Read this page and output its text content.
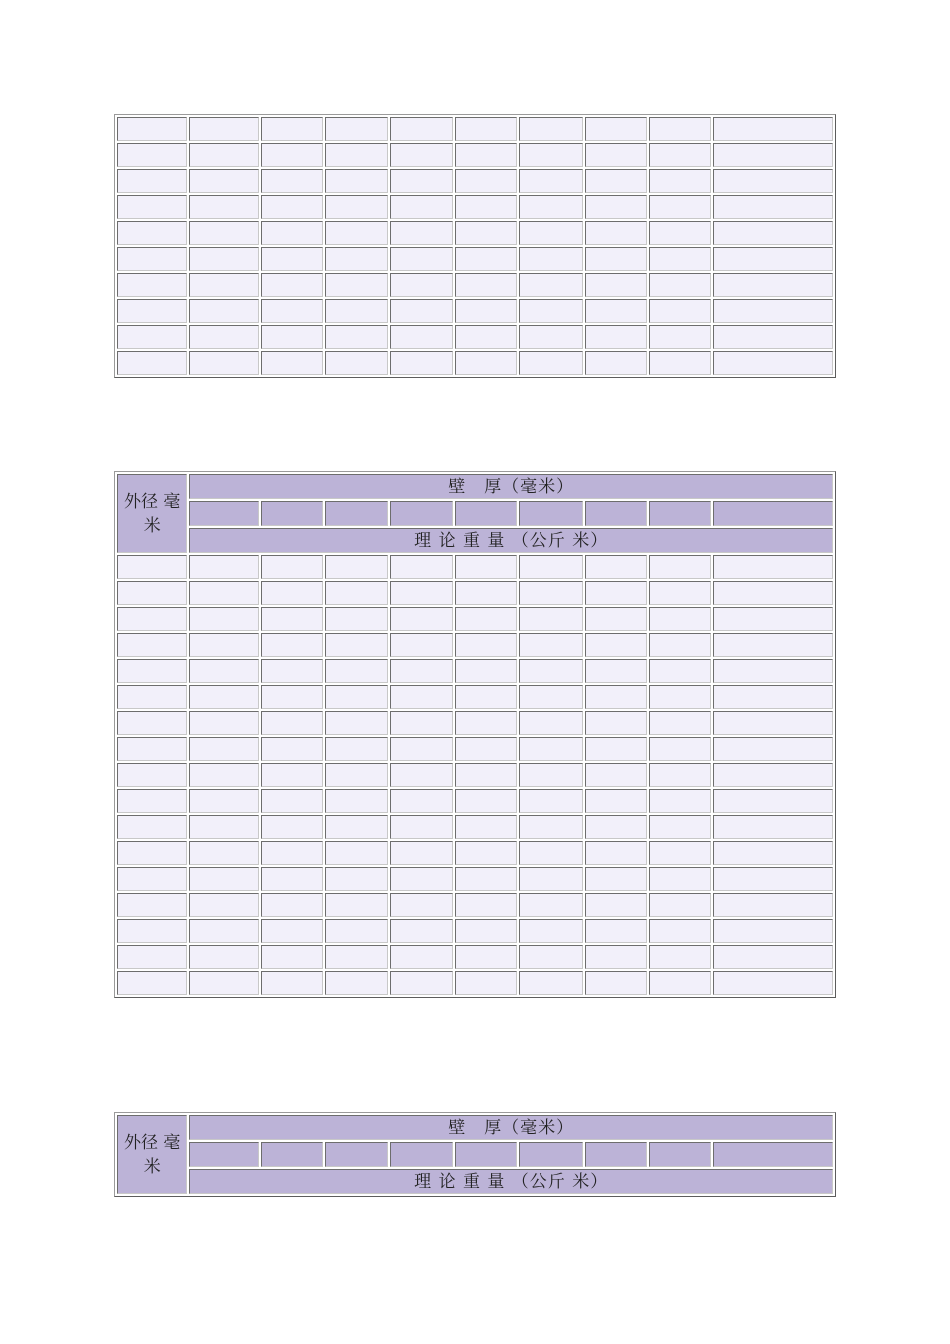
外径 毫米	壁　厚（毫米）								

	理 论 重 量 （公斤 米）								

外径 毫米	壁　厚（毫米）								

	理 论 重 量 （公斤 米）								
